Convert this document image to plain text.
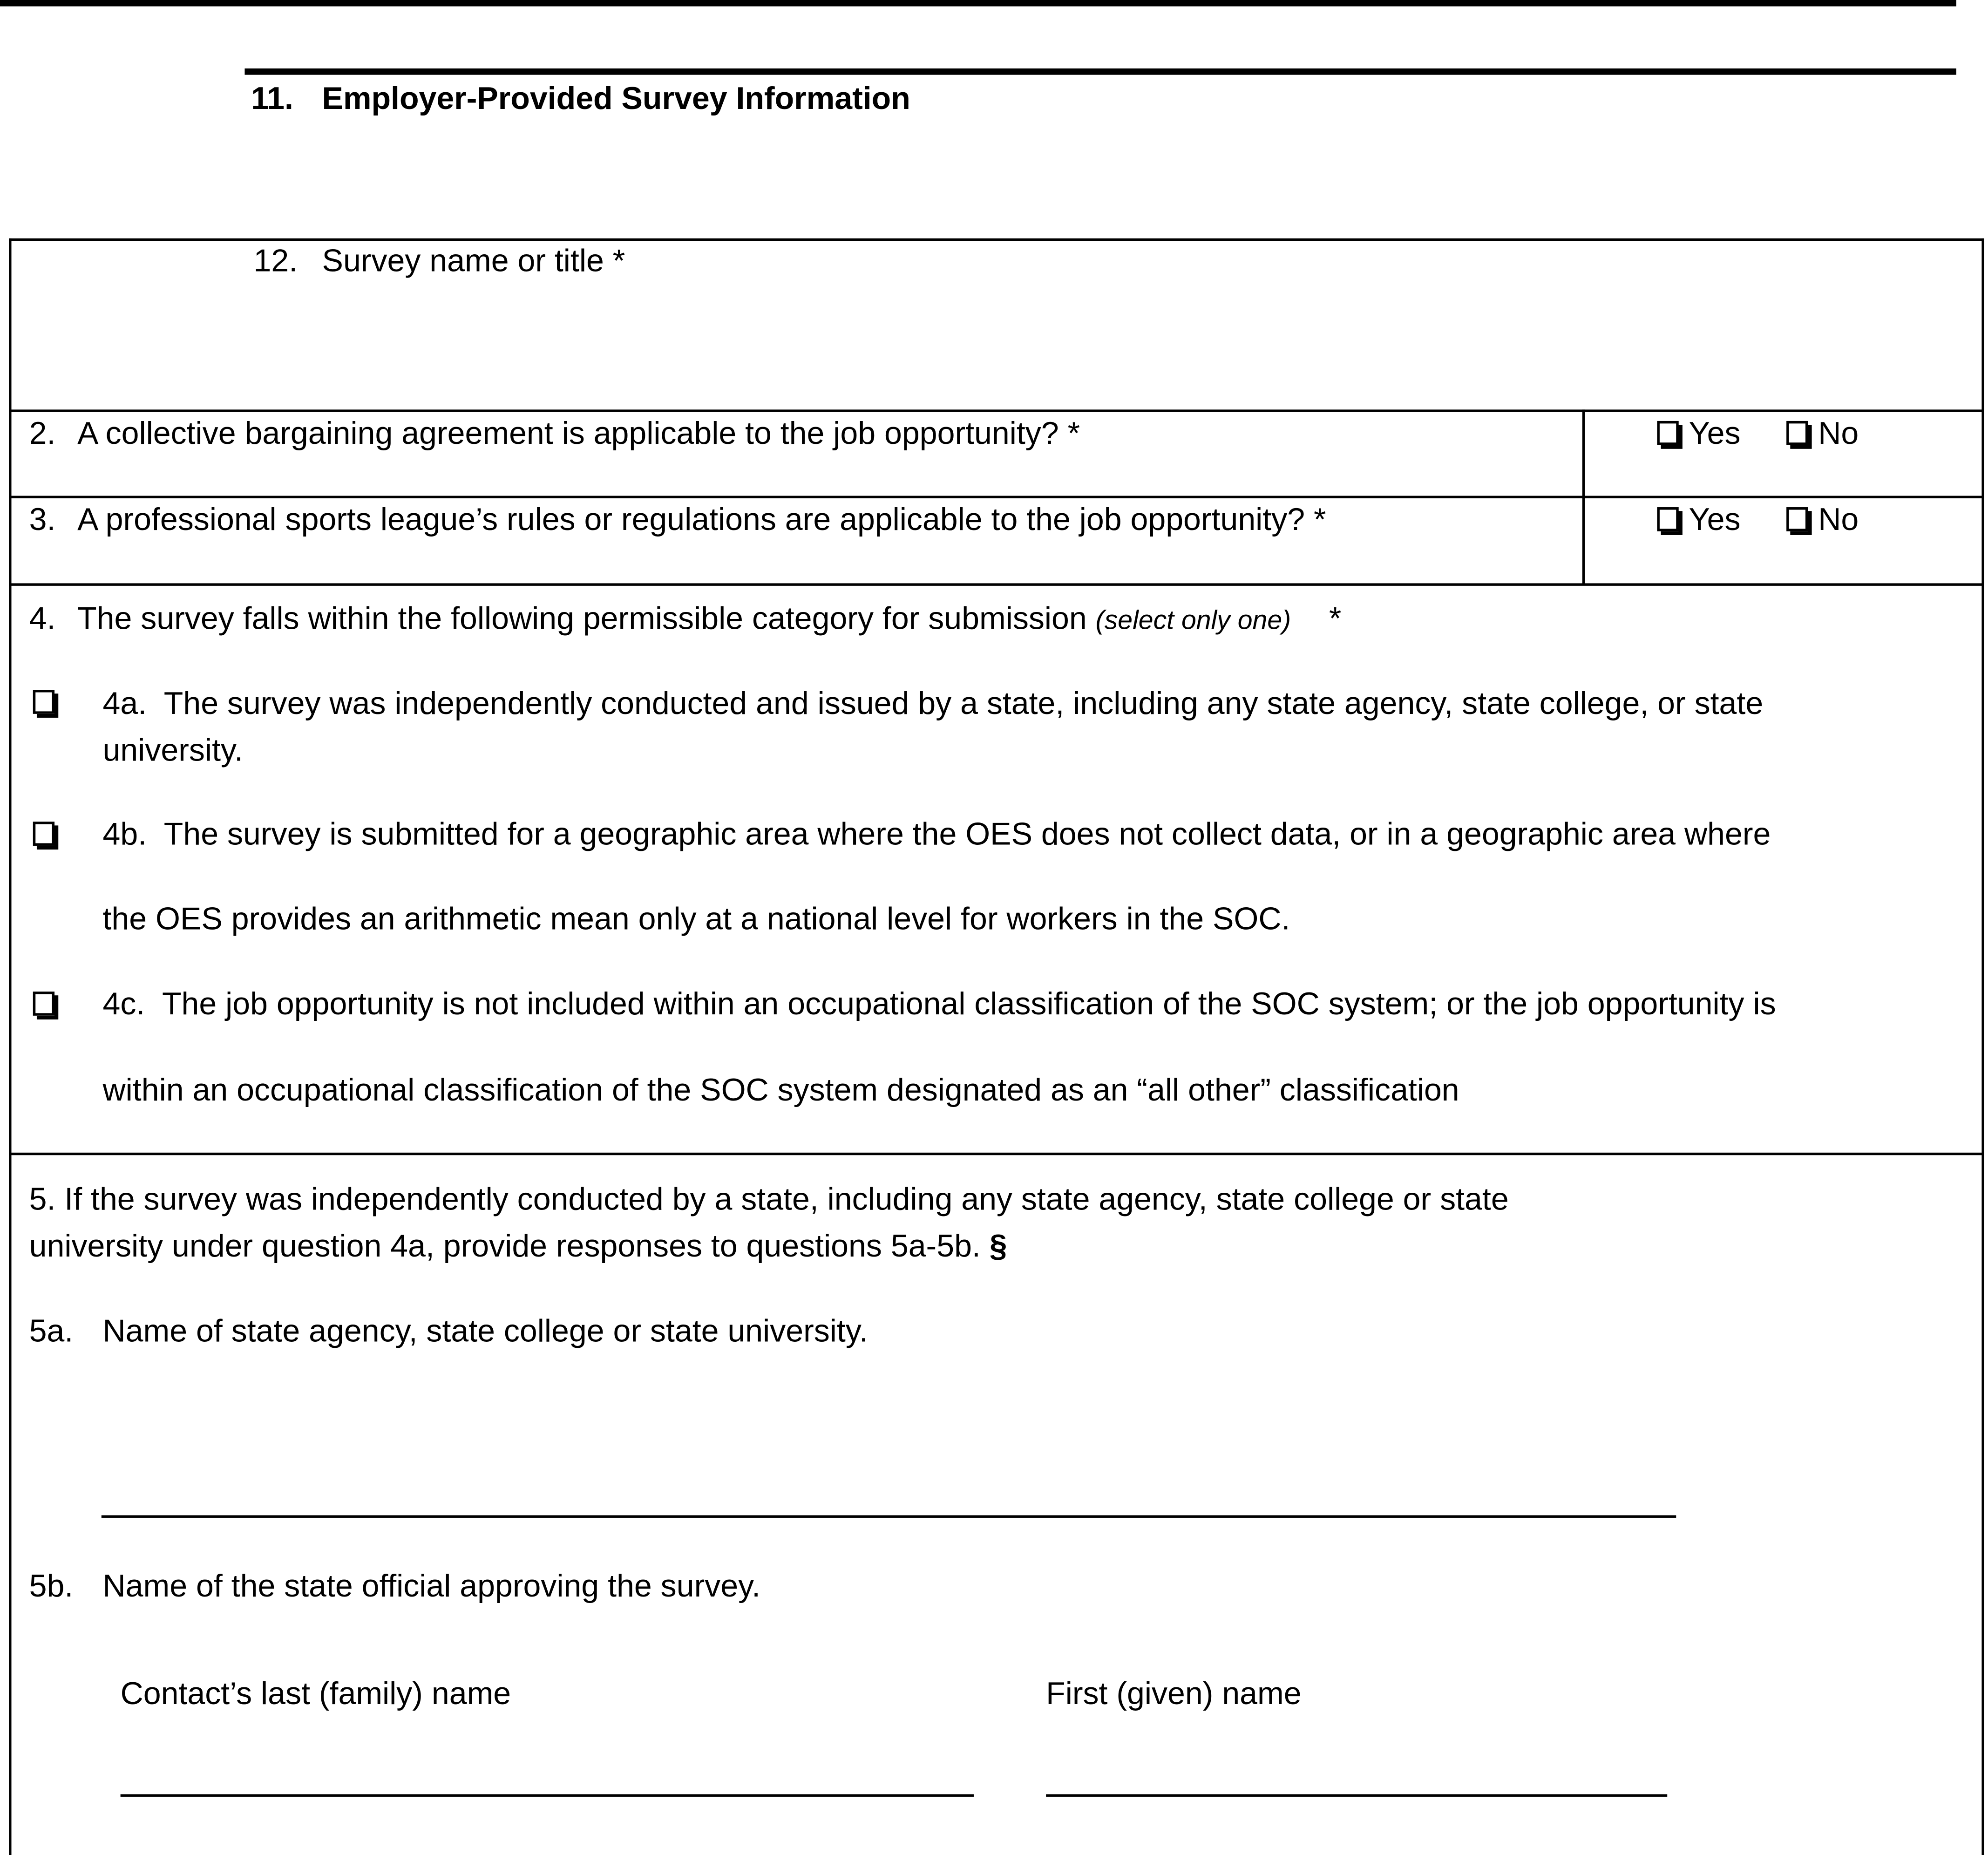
11. Employer-Provided Survey Information
12. Survey name or title *
2. A collective bargaining agreement is applicable to the job opportunity? *	Yes	No
3. A professional sports league’s rules or regulations are applicable to the job opportunity? *	Yes	No
4. The survey falls within the following permissible category for submission (select only one)	*
4a. The survey was independently conducted and issued by a state, including any state agency, state college, or state
university.
4b. The survey is submitted for a geographic area where the OES does not collect data, or in a geographic area where
the OES provides an arithmetic mean only at a national level for workers in the SOC.
4c. The job opportunity is not included within an occupational classification of the SOC system; or the job opportunity is
within an occupational classification of the SOC system designated as an “all other” classification
5. If the survey was independently conducted by a state, including any state agency, state college or state
university under question 4a, provide responses to questions 5a-5b. §
5a.	Name of state agency, state college or state university.
5b.	Name of the state official approving the survey.
Contact’s last (family) name	First (given) name
